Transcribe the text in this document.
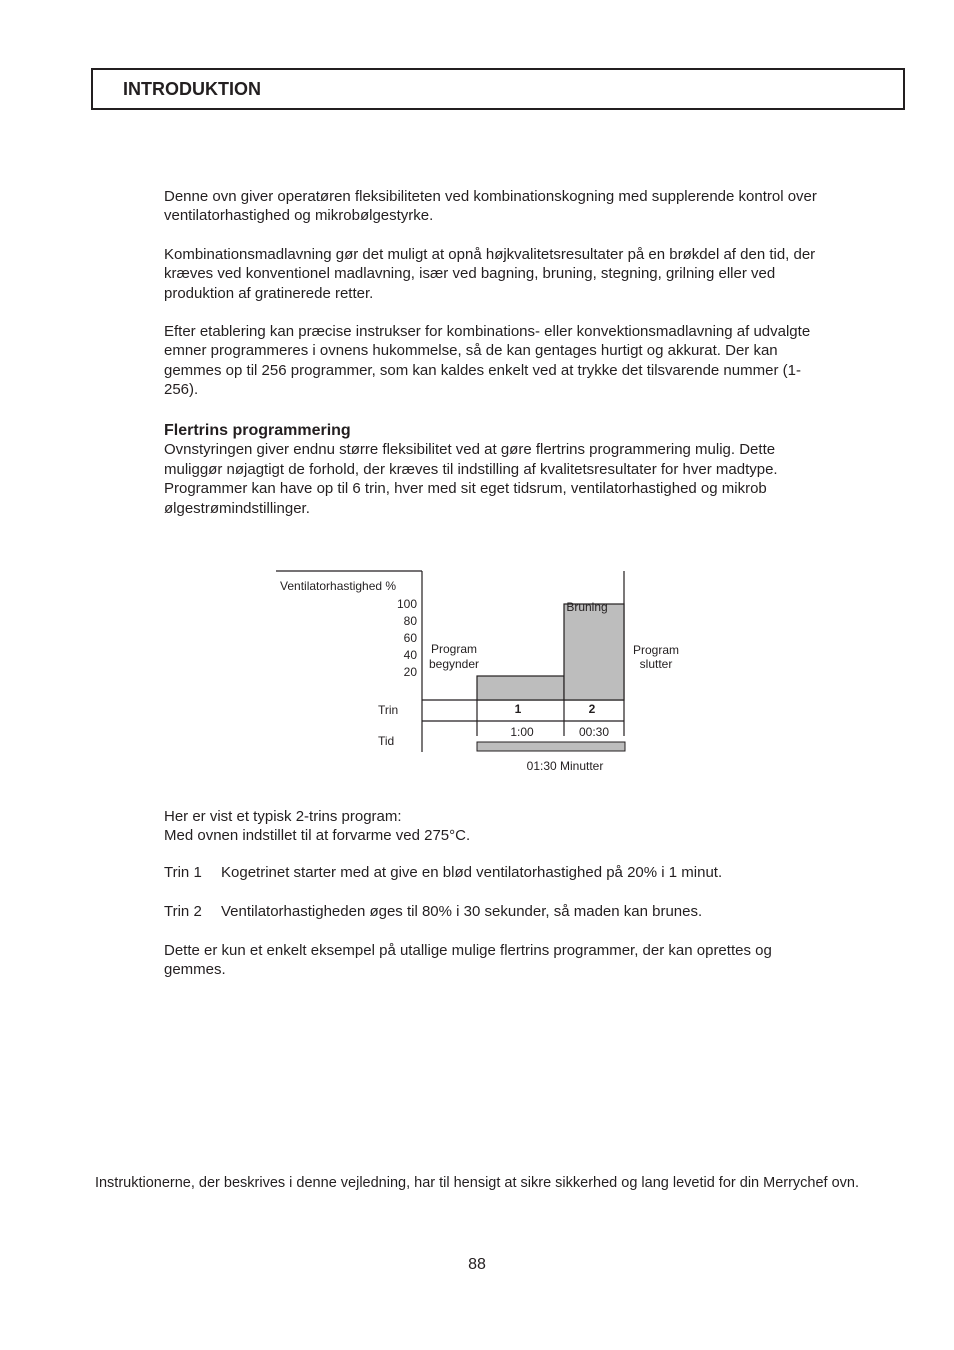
INTRODUKTION

Denne ovn giver operatøren fleksibiliteten ved kombinationskogning med supplerende kontrol over ventilatorhastighed og mikrobølgestyrke.

Kombinationsmadlavning gør det muligt at opnå højkvalitetsresultater på en brøkdel af den tid, der kræves ved konventionel madlavning, især ved bagning, bruning, stegning, grilning eller ved produktion af gratinerede retter.

Efter etablering kan præcise instrukser for kombinations- eller konvektionsmadlavning af udvalgte emner programmeres i ovnens hukommelse, så de kan gentages hurtigt og akkurat. Der kan gemmes op til 256 programmer, som kan kaldes enkelt ved at trykke det tilsvarende nummer (1-256).

Flertrins programmering
Ovnstyringen giver endnu større fleksibilitet ved at gøre flertrins programmering mulig. Dette muliggør nøjagtigt de forhold, der kræves til indstilling af kvalitetsresultater for hver madtype.
Programmer kan have op til 6 trin, hver med sit eget tidsrum, ventilatorhastighed og mikrob ølgestrømindstillinger.
Ventilatorhastighed %
100
80
60
40
20
Program
begynder
Bruning
Program
slutter
Trin
Tid
1	2
1:00	00:30
01:30 Minutter

Her er vist et typisk 2-trins program:
Med ovnen indstillet til at forvarme ved 275°C.

Trin 1 Kogetrinet starter med at give en blød ventilatorhastighed på 20% i 1 minut.
Trin 2 Ventilatorhastigheden øges til 80% i 30 sekunder, så maden kan brunes.

Dette er kun et enkelt eksempel på utallige mulige flertrins programmer, der kan oprettes og gemmes.

Instruktionerne, der beskrives i denne vejledning, har til hensigt at sikre sikkerhed og lang levetid for din Merrychef ovn.
88
